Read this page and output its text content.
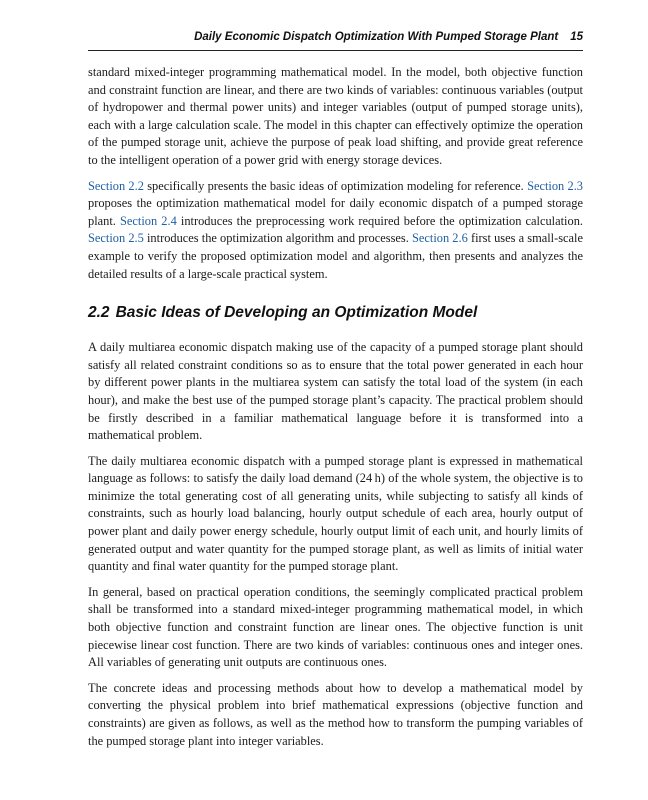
Daily Economic Dispatch Optimization With Pumped Storage Plant 15

standard mixed-integer programming mathematical model. In the model, both objective function and constraint function are linear, and there are two kinds of variables: continuous variables (output of hydropower and thermal power units) and integer variables (output of pumped storage units), each with a large calculation scale. The model in this chapter can effectively optimize the operation of the pumped storage unit, achieve the purpose of peak load shifting, and provide great reference to the intelligent operation of a power grid with energy storage devices.

Section 2.2 specifically presents the basic ideas of optimization modeling for reference. Section 2.3 proposes the optimization mathematical model for daily economic dispatch of a pumped storage plant. Section 2.4 introduces the preprocessing work required before the optimization calculation. Section 2.5 introduces the optimization algorithm and processes. Section 2.6 first uses a small-scale example to verify the proposed optimization model and algorithm, then presents and analyzes the detailed results of a large-scale practical system.

2.2 Basic Ideas of Developing an Optimization Model

A daily multiarea economic dispatch making use of the capacity of a pumped storage plant should satisfy all related constraint conditions so as to ensure that the total power generated in each hour by different power plants in the multiarea system can satisfy the total load of the system (in each hour), and make the best use of the pumped storage plant’s capacity. The practical problem should be firstly described in a familiar mathematical language before it is transformed into a mathematical problem.

The daily multiarea economic dispatch with a pumped storage plant is expressed in mathematical language as follows: to satisfy the daily load demand (24 h) of the whole system, the objective is to minimize the total generating cost of all generating units, while subjecting to satisfy all kinds of constraints, such as hourly load balancing, hourly output schedule of each area, hourly output of power plant and daily power energy schedule, hourly output limit of each unit, and hourly limits of generated output and water quantity for the pumped storage plant, as well as limits of initial water quantity and final water quantity for the pumped storage plant.

In general, based on practical operation conditions, the seemingly complicated practical problem shall be transformed into a standard mixed-integer programming mathematical model, in which both objective function and constraint function are linear ones. The objective function is unit piecewise linear cost function. There are two kinds of variables: continuous ones and integer ones. All variables of generating unit outputs are continuous ones.

The concrete ideas and processing methods about how to develop a mathematical model by converting the physical problem into brief mathematical expressions (objective function and constraints) are given as follows, as well as the method how to transform the pumping variables of the pumped storage plant into integer variables.
